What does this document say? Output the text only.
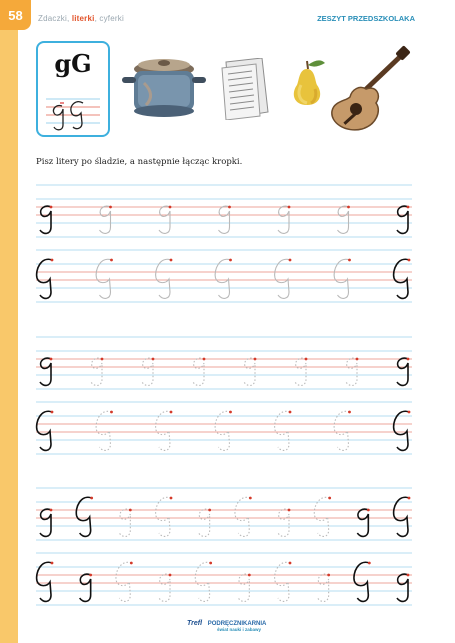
58	Zdaczki, literki, cyferki	ZESZYT PRZEDSZKOLAKA
gG
Pisz litery po śladzie, a następnie łącząc kropki.
Trefl PODRĘCZNIKARNIA
świat nauki i zabawy
